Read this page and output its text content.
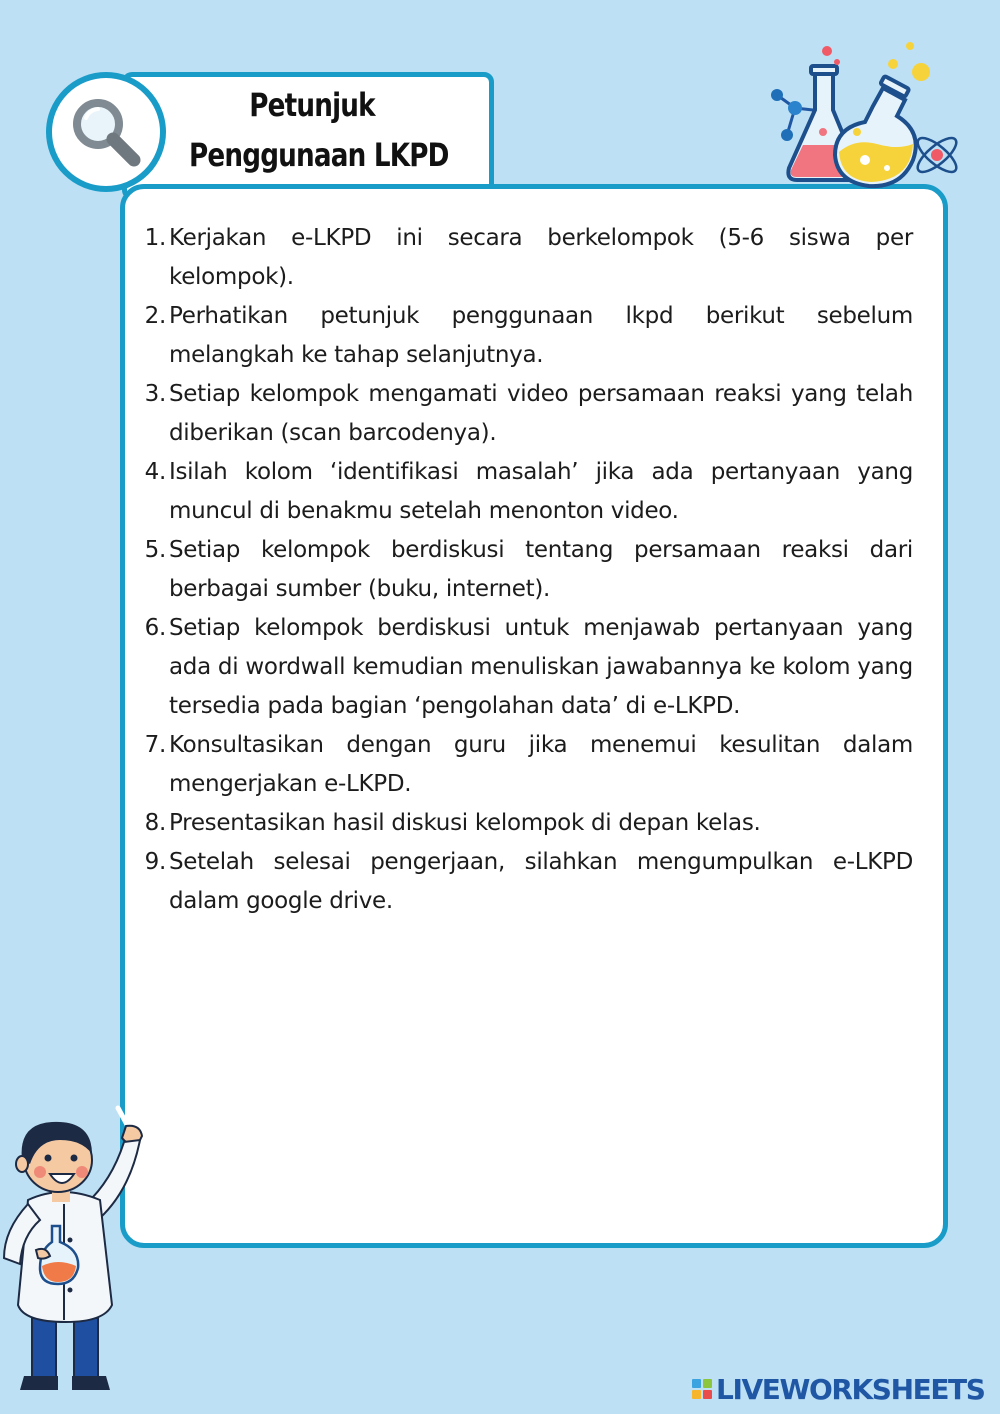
Petunjuk
Penggunaan LKPD
1. Kerjakan e-LKPD ini secara berkelompok (5-6 siswa per kelompok).
2. Perhatikan petunjuk penggunaan lkpd berikut sebelum melangkah ke tahap selanjutnya.
3. Setiap kelompok mengamati video persamaan reaksi yang telah diberikan (scan barcodenya).
4. Isilah kolom ‘identifikasi masalah’ jika ada pertanyaan yang muncul di benakmu setelah menonton video.
5. Setiap kelompok berdiskusi tentang persamaan reaksi dari berbagai sumber (buku, internet).
6. Setiap kelompok berdiskusi untuk menjawab pertanyaan yang ada di wordwall kemudian menuliskan jawabannya ke kolom yang tersedia pada bagian ‘pengolahan data’ di e-LKPD.
7. Konsultasikan dengan guru jika menemui kesulitan dalam mengerjakan e-LKPD.
8. Presentasikan hasil diskusi kelompok di depan kelas.
9. Setelah selesai pengerjaan, silahkan mengumpulkan e-LKPD dalam google drive.
LIVEWORKSHEETS
